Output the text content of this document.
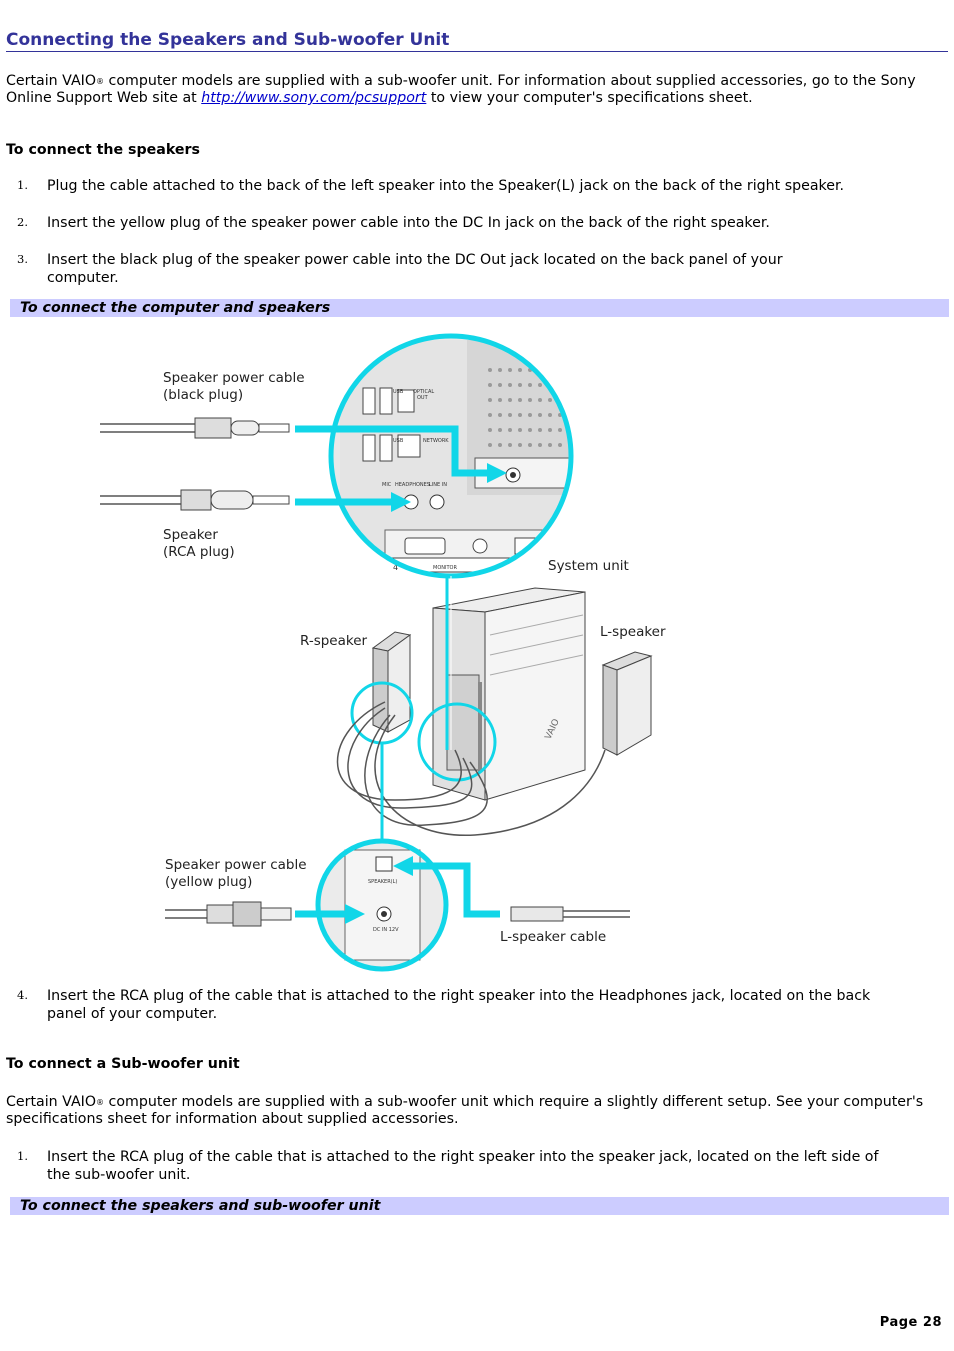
Connecting the Speakers and Sub-woofer Unit
Certain VAIO® computer models are supplied with a sub-woofer unit. For information about supplied accessories, go to the Sony Online Support Web site at http://www.sony.com/pcsupport to view your computer's specifications sheet.
To connect the speakers
1. Plug the cable attached to the back of the left speaker into the Speaker(L) jack on the back of the right speaker.
2. Insert the yellow plug of the speaker power cable into the DC In jack on the back of the right speaker.
3. Insert the black plug of the speaker power cable into the DC Out jack located on the back panel of your computer.
To connect the computer and speakers
USB OPTICAL
OUT
USB	NETWORK
MIC HEADPHONES LINE IN
4	MONITOR
Speaker power cable
(black plug)
Speaker
(RCA plug)
System unit
VAIO
R-speaker
L-speaker
SPEAKER(L)
DC IN 12V
Speaker power cable
(yellow plug)
L-speaker cable
4. Insert the RCA plug of the cable that is attached to the right speaker into the Headphones jack, located on the back panel of your computer.
To connect a Sub-woofer unit
Certain VAIO® computer models are supplied with a sub-woofer unit which require a slightly different setup. See your computer's specifications sheet for information about supplied accessories.
1. Insert the RCA plug of the cable that is attached to the right speaker into the speaker jack, located on the left side of the sub-woofer unit.
To connect the speakers and sub-woofer unit
Page 28
